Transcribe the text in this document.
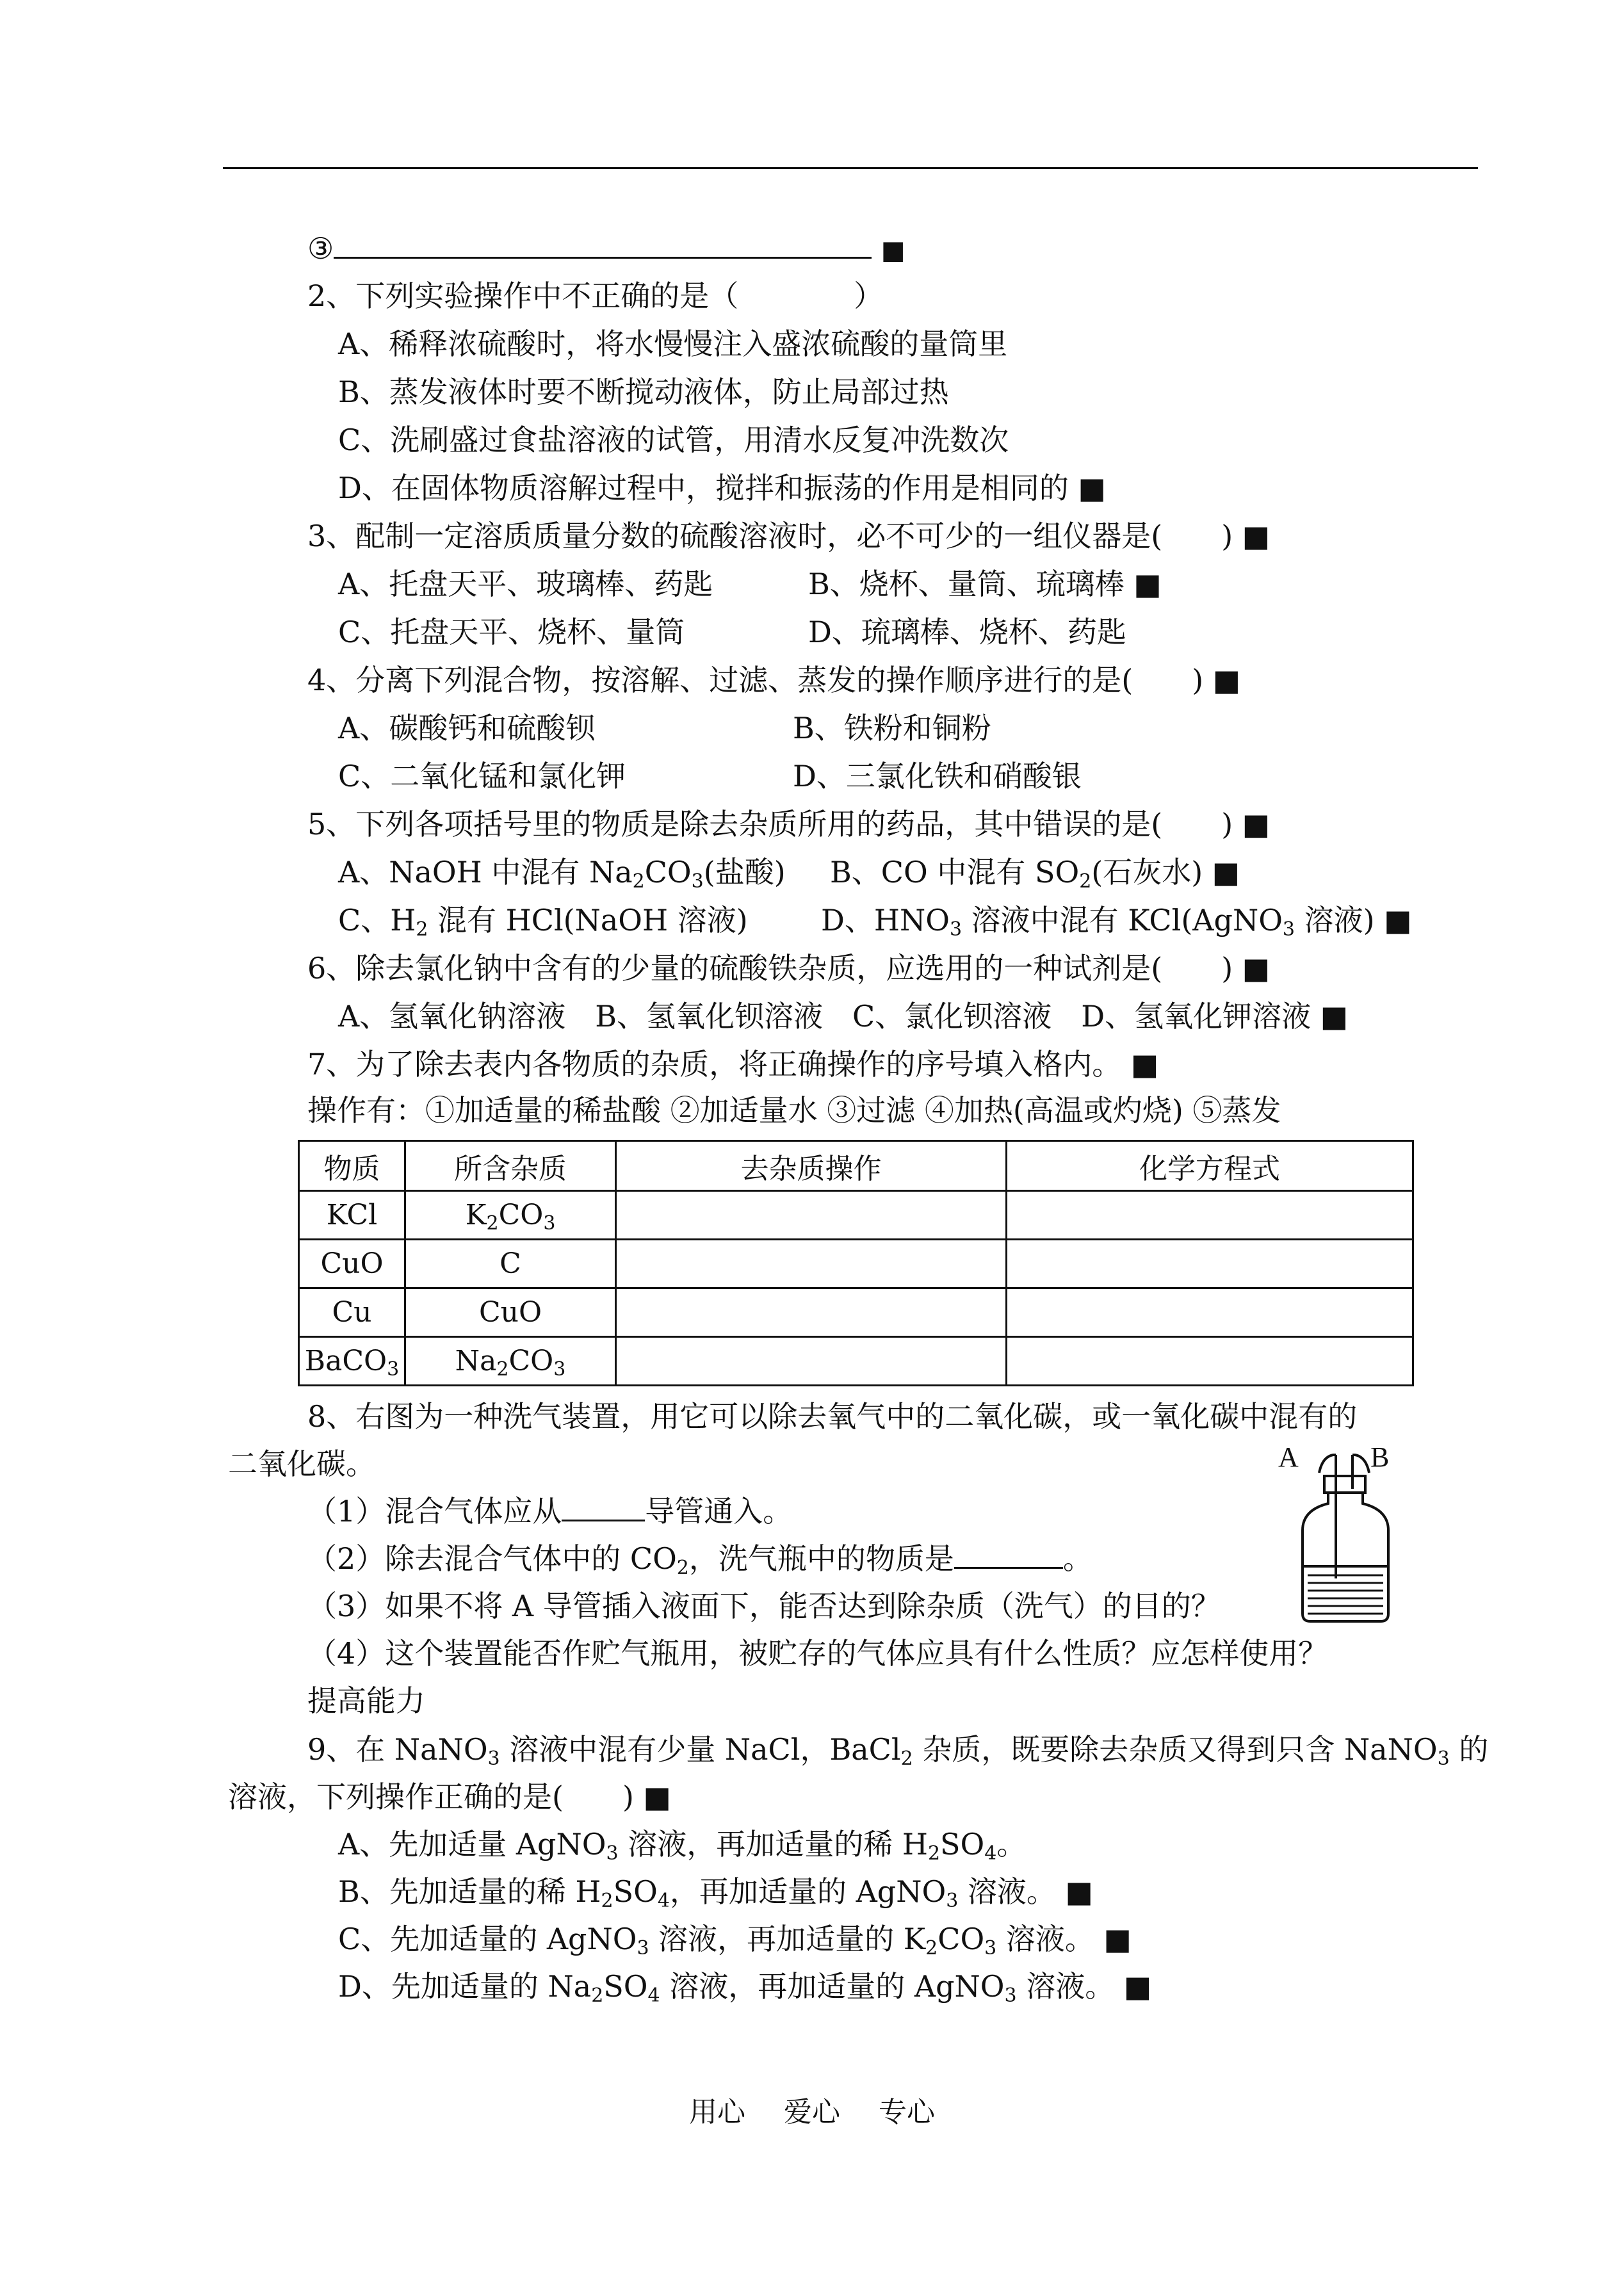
③	■
2、下列实验操作中不正确的是（	）
A、稀释浓硫酸时，将水慢慢注入盛浓硫酸的量筒里
B、蒸发液体时要不断搅动液体，防止局部过热
C、洗刷盛过食盐溶液的试管，用清水反复冲洗数次
D、在固体物质溶解过程中，搅拌和振荡的作用是相同的 ■
3、配制一定溶质质量分数的硫酸溶液时，必不可少的一组仪器是(　　) ■
A、托盘天平、玻璃棒、药匙	B、烧杯、量筒、琉璃棒 ■
C、托盘天平、烧杯、量筒	D、琉璃棒、烧杯、药匙
4、分离下列混合物，按溶解、过滤、蒸发的操作顺序进行的是(　　) ■
A、碳酸钙和硫酸钡	B、铁粉和铜粉
C、二氧化锰和氯化钾	D、三氯化铁和硝酸银
5、下列各项括号里的物质是除去杂质所用的药品，其中错误的是(　　) ■
A、NaOH 中混有 $Na_2CO_3$(盐酸) B、CO 中混有 $SO_2$(石灰水) ■
C、$H_2$ 混有 HCl(NaOH 溶液) D、$HNO_3$ 溶液中混有 KCl(AgNO$_3$ 溶液) ■
6、除去氯化钠中含有的少量的硫酸铁杂质，应选用的一种试剂是(　　) ■
A、氢氧化钠溶液　B、氢氧化钡溶液　C、氯化钡溶液　D、氢氧化钾溶液 ■
7、为了除去表内各物质的杂质，将正确操作的序号填入格内。 ■
操作有：①加适量的稀盐酸 ②加适量水 ③过滤 ④加热(高温或灼烧) ⑤蒸发
物质	所含杂质	去杂质操作	化学方程式
KCl	$K_2CO_3$		
CuO	C		
Cu	CuO		
BaCO$_3$	$Na_2CO_3$		
8、右图为一种洗气装置，用它可以除去氧气中的二氧化碳，或一氧化碳中混有的
二氧化碳。
（1）混合气体应从	导管通入。
（2）除去混合气体中的 $CO_2$，洗气瓶中的物质是	。
（3）如果不将 A 导管插入液面下，能否达到除杂质（洗气）的目的？
（4）这个装置能否作贮气瓶用，被贮存的气体应具有什么性质？应怎样使用？
A	B
提高能力
9、在 NaNO$_3$ 溶液中混有少量 NaCl，BaCl$_2$ 杂质，既要除去杂质又得到只含 NaNO$_3$ 的
溶液，下列操作正确的是(　　) ■
A、先加适量 AgNO$_3$ 溶液，再加适量的稀 $H_2SO_4$。
B、先加适量的稀 $H_2SO_4$，再加适量的 AgNO$_3$ 溶液。 ■
C、先加适量的 AgNO$_3$ 溶液，再加适量的 $K_2CO_3$ 溶液。 ■
D、先加适量的 $Na_2SO_4$ 溶液，再加适量的 AgNO$_3$ 溶液。 ■
用心 爱心 专心
